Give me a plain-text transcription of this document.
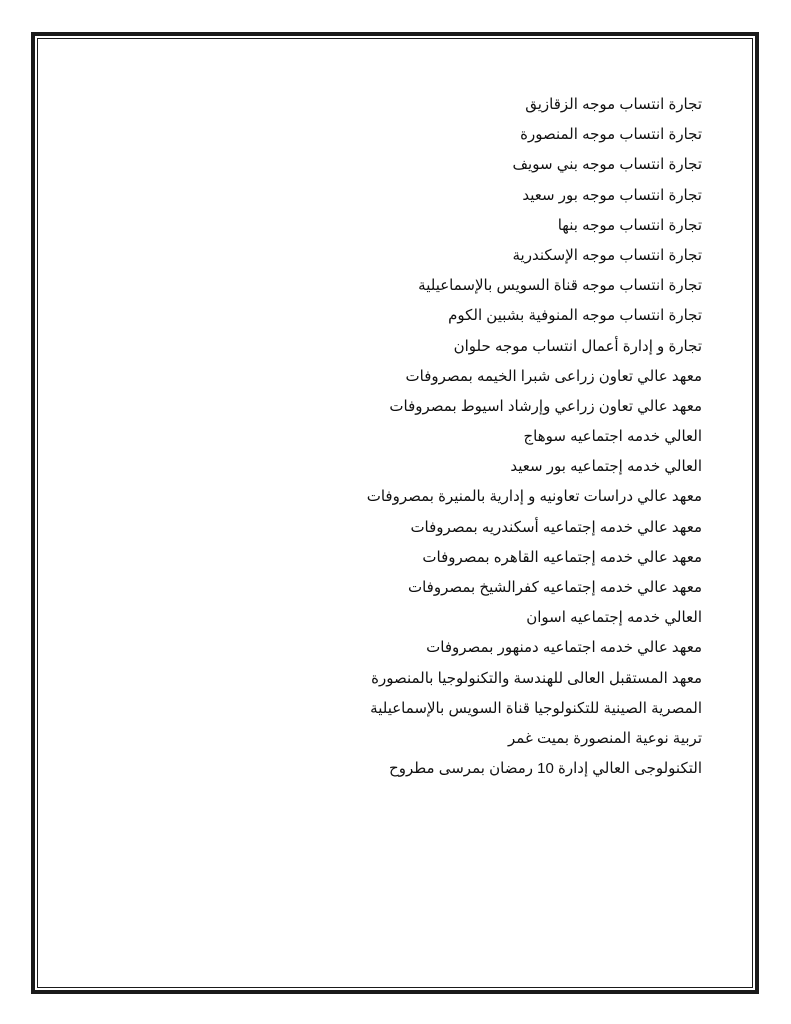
تجارة انتساب موجه الزقازيق
تجارة انتساب موجه المنصورة
تجارة انتساب موجه بني سويف
تجارة انتساب موجه بور سعيد
تجارة انتساب موجه بنها
تجارة انتساب موجه الإسكندرية
تجارة انتساب موجه قناة السويس بالإسماعيلية
تجارة انتساب موجه المنوفية بشبين الكوم
تجارة و إدارة أعمال انتساب موجه حلوان
معهد عالي تعاون زراعى شبرا الخيمه بمصروفات
معهد عالي تعاون زراعي وإرشاد اسيوط بمصروفات
العالي خدمه اجتماعيه سوهاج
العالي خدمه إجتماعيه بور سعيد
معهد عالي دراسات تعاونيه و إدارية بالمنيرة بمصروفات
معهد عالي خدمه إجتماعيه أسكندريه بمصروفات
معهد عالي خدمه إجتماعيه القاهره بمصروفات
معهد عالي خدمه إجتماعيه كفرالشيخ بمصروفات
العالي خدمه إجتماعيه اسوان
معهد عالي خدمه اجتماعيه دمنهور بمصروفات
معهد المستقبل العالى للهندسة والتكنولوجيا بالمنصورة
المصرية الصينية للتكنولوجيا قناة السويس بالإسماعيلية
تربية نوعية المنصورة بميت غمر
التكنولوجى العالي إدارة 10 رمضان بمرسى مطروح
